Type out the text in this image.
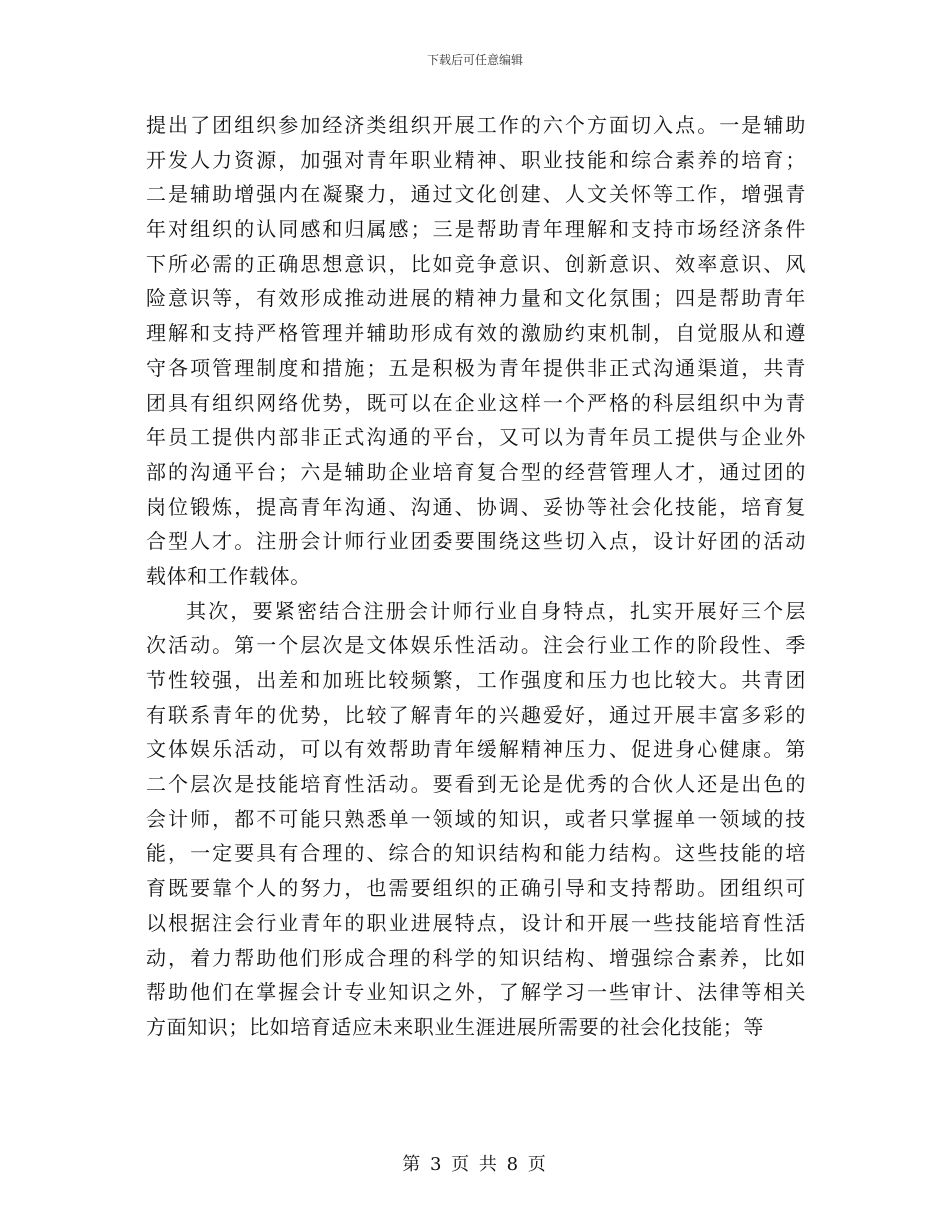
下载后可任意编辑
提出了团组织参加经济类组织开展工作的六个方面切入点。一是辅助
开发人力资源，加强对青年职业精神、职业技能和综合素养的培育；
二是辅助增强内在凝聚力，通过文化创建、人文关怀等工作，增强青
年对组织的认同感和归属感；三是帮助青年理解和支持市场经济条件
下所必需的正确思想意识，比如竞争意识、创新意识、效率意识、风
险意识等，有效形成推动进展的精神力量和文化氛围；四是帮助青年
理解和支持严格管理并辅助形成有效的激励约束机制，自觉服从和遵
守各项管理制度和措施；五是积极为青年提供非正式沟通渠道，共青
团具有组织网络优势，既可以在企业这样一个严格的科层组织中为青
年员工提供内部非正式沟通的平台，又可以为青年员工提供与企业外
部的沟通平台；六是辅助企业培育复合型的经营管理人才，通过团的
岗位锻炼，提高青年沟通、沟通、协调、妥协等社会化技能，培育复
合型人才。注册会计师行业团委要围绕这些切入点，设计好团的活动
载体和工作载体。
其次，要紧密结合注册会计师行业自身特点，扎实开展好三个层
次活动。第一个层次是文体娱乐性活动。注会行业工作的阶段性、季
节性较强，出差和加班比较频繁，工作强度和压力也比较大。共青团
有联系青年的优势，比较了解青年的兴趣爱好，通过开展丰富多彩的
文体娱乐活动，可以有效帮助青年缓解精神压力、促进身心健康。第
二个层次是技能培育性活动。要看到无论是优秀的合伙人还是出色的
会计师，都不可能只熟悉单一领域的知识，或者只掌握单一领域的技
能，一定要具有合理的、综合的知识结构和能力结构。这些技能的培
育既要靠个人的努力，也需要组织的正确引导和支持帮助。团组织可
以根据注会行业青年的职业进展特点，设计和开展一些技能培育性活
动，着力帮助他们形成合理的科学的知识结构、增强综合素养，比如
帮助他们在掌握会计专业知识之外，了解学习一些审计、法律等相关
方面知识；比如培育适应未来职业生涯进展所需要的社会化技能；等
第 3 页 共 8 页
